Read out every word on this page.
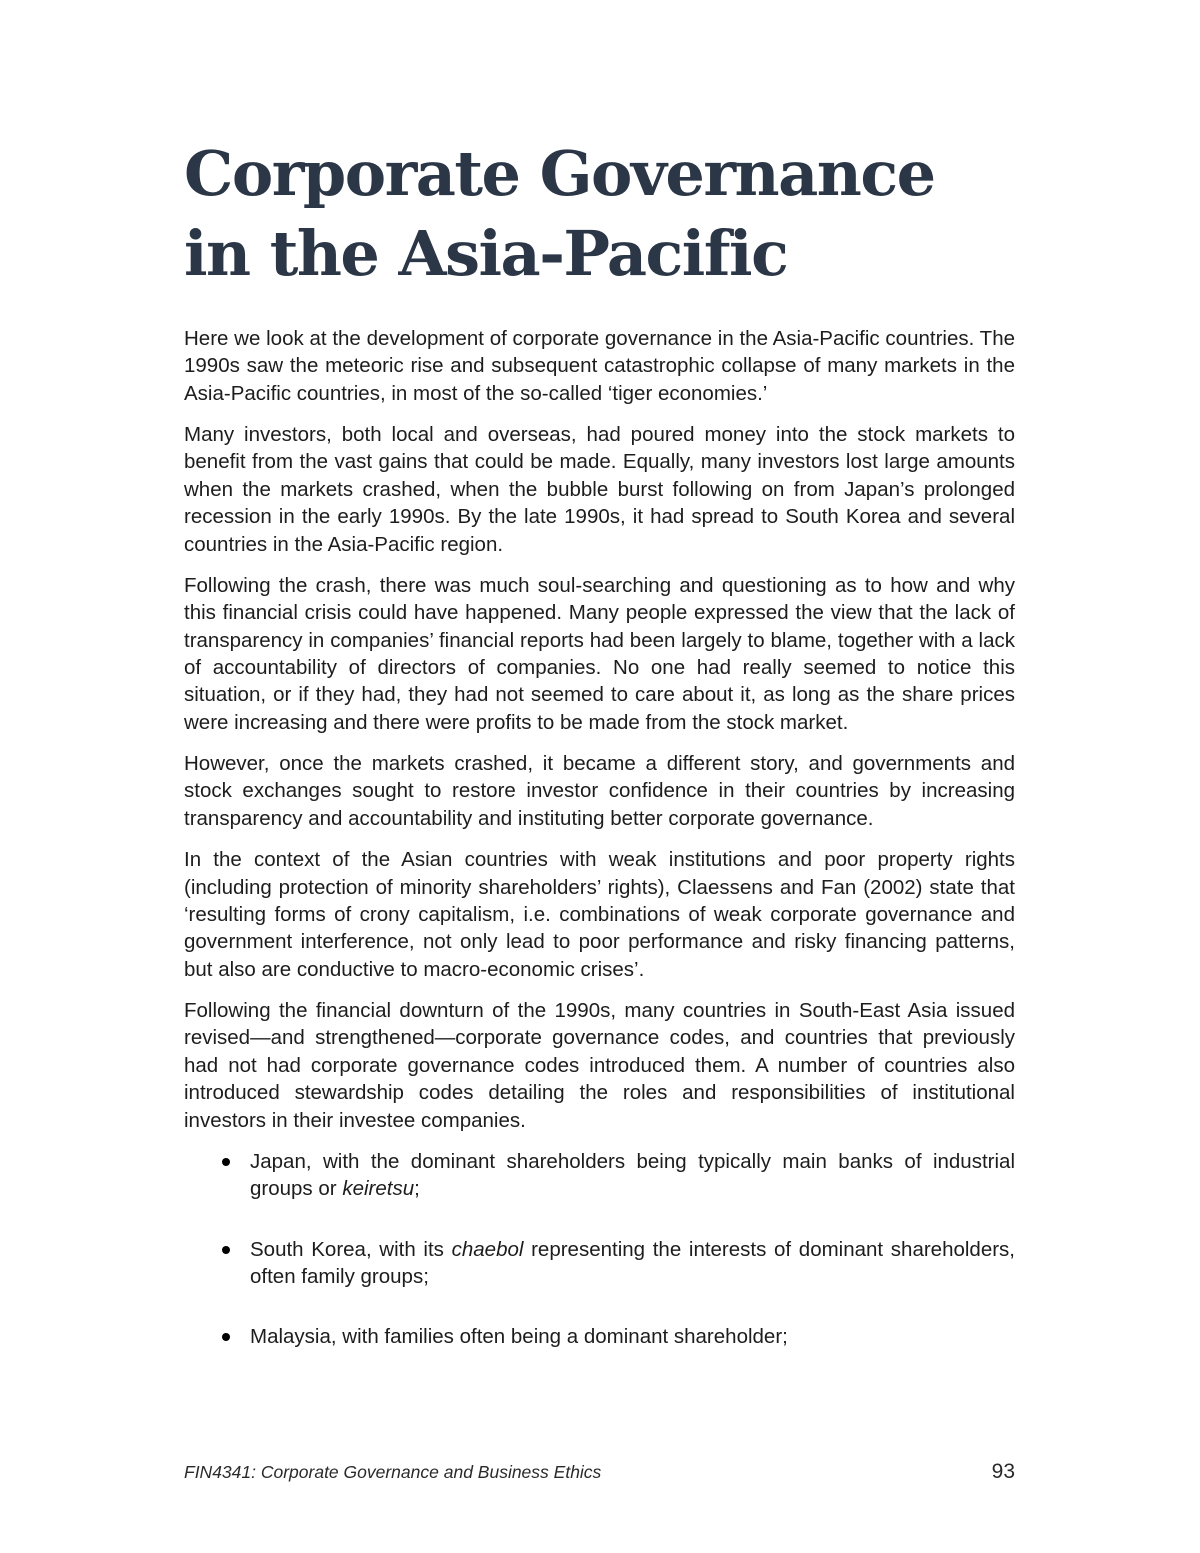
Corporate Governance
in the Asia-Pacific

Here we look at the development of corporate governance in the Asia-Pacific countries. The 1990s saw the meteoric rise and subsequent catastrophic collapse of many markets in the Asia-Pacific countries, in most of the so-called ‘tiger economies.’

Many investors, both local and overseas, had poured money into the stock markets to benefit from the vast gains that could be made. Equally, many investors lost large amounts when the markets crashed, when the bubble burst following on from Japan’s prolonged recession in the early 1990s. By the late 1990s, it had spread to South Korea and several countries in the Asia-Pacific region.

Following the crash, there was much soul-searching and questioning as to how and why this financial crisis could have happened. Many people expressed the view that the lack of transparency in companies’ financial reports had been largely to blame, together with a lack of accountability of directors of companies. No one had really seemed to notice this situation, or if they had, they had not seemed to care about it, as long as the share prices were increasing and there were profits to be made from the stock market.

However, once the markets crashed, it became a different story, and governments and stock exchanges sought to restore investor confidence in their countries by increasing transparency and accountability and instituting better corporate governance.

In the context of the Asian countries with weak institutions and poor property rights (including protection of minority shareholders’ rights), Claessens and Fan (2002) state that ‘resulting forms of crony capitalism, i.e. combinations of weak corporate governance and government interference, not only lead to poor performance and risky financing patterns, but also are conductive to macro-economic crises’.

Following the financial downturn of the 1990s, many countries in South-East Asia issued revised—and strengthened—corporate governance codes, and countries that previously had not had corporate governance codes introduced them. A number of countries also introduced stewardship codes detailing the roles and responsibilities of institutional investors in their investee companies.

Japan, with the dominant shareholders being typically main banks of industrial groups or keiretsu;
South Korea, with its chaebol representing the interests of dominant shareholders, often family groups;
Malaysia, with families often being a dominant shareholder;
FIN4341: Corporate Governance and Business Ethics	93
